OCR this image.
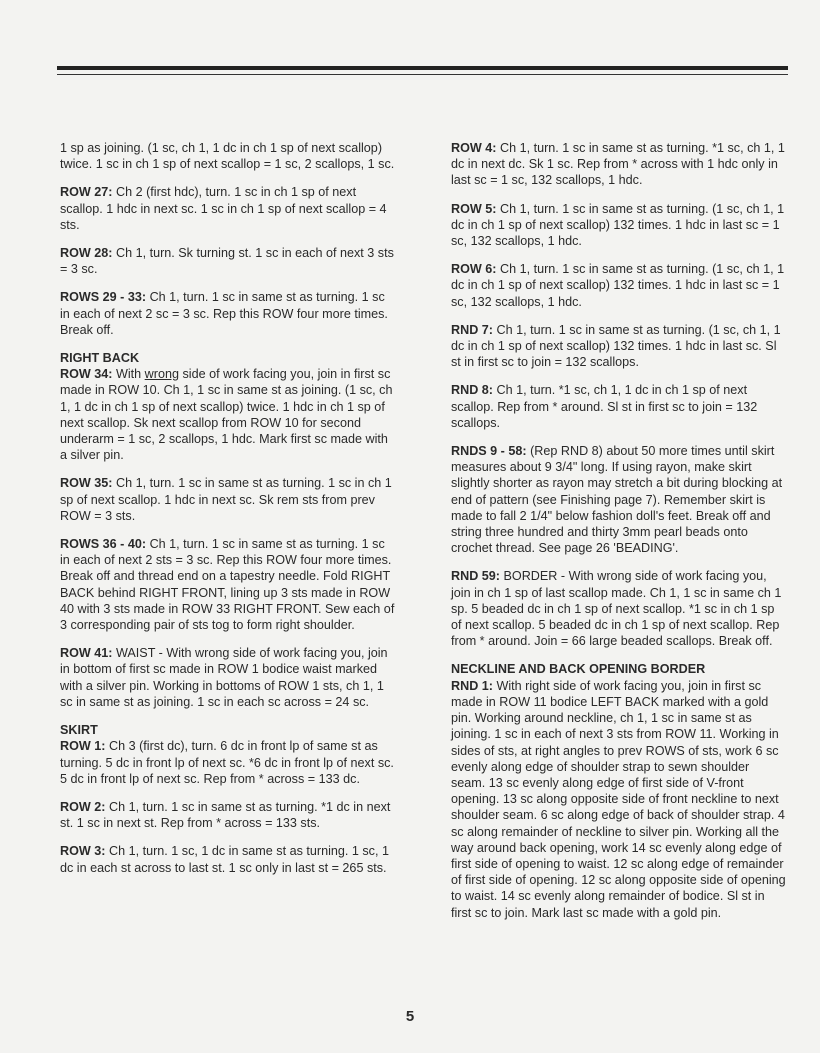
1 sp as joining. (1 sc, ch 1, 1 dc in ch 1 sp of next scallop) twice. 1 sc in ch 1 sp of next scallop = 1 sc, 2 scallops, 1 sc.

ROW 27: Ch 2 (first hdc), turn. 1 sc in ch 1 sp of next scallop. 1 hdc in next sc. 1 sc in ch 1 sp of next scallop = 4 sts.

ROW 28: Ch 1, turn. Sk turning st. 1 sc in each of next 3 sts = 3 sc.

ROWS 29 - 33: Ch 1, turn. 1 sc in same st as turning. 1 sc in each of next 2 sc = 3 sc. Rep this ROW four more times. Break off.

RIGHT BACK
ROW 34: With wrong side of work facing you, join in first sc made in ROW 10. Ch 1, 1 sc in same st as joining. (1 sc, ch 1, 1 dc in ch 1 sp of next scallop) twice. 1 hdc in ch 1 sp of next scallop. Sk next scallop from ROW 10 for second underarm = 1 sc, 2 scallops, 1 hdc. Mark first sc made with a silver pin.

ROW 35: Ch 1, turn. 1 sc in same st as turning. 1 sc in ch 1 sp of next scallop. 1 hdc in next sc. Sk rem sts from prev ROW = 3 sts.

ROWS 36 - 40: Ch 1, turn. 1 sc in same st as turning. 1 sc in each of next 2 sts = 3 sc. Rep this ROW four more times. Break off and thread end on a tapestry needle. Fold RIGHT BACK behind RIGHT FRONT, lining up 3 sts made in ROW 40 with 3 sts made in ROW 33 RIGHT FRONT. Sew each of 3 corresponding pair of sts tog to form right shoulder.

ROW 41: WAIST - With wrong side of work facing you, join in bottom of first sc made in ROW 1 bodice waist marked with a silver pin. Working in bottoms of ROW 1 sts, ch 1, 1 sc in same st as joining. 1 sc in each sc across = 24 sc.

SKIRT
ROW 1: Ch 3 (first dc), turn. 6 dc in front lp of same st as turning. 5 dc in front lp of next sc. *6 dc in front lp of next sc. 5 dc in front lp of next sc. Rep from * across = 133 dc.

ROW 2: Ch 1, turn. 1 sc in same st as turning. *1 dc in next st. 1 sc in next st. Rep from * across = 133 sts.

ROW 3: Ch 1, turn. 1 sc, 1 dc in same st as turning. 1 sc, 1 dc in each st across to last st. 1 sc only in last st = 265 sts.

ROW 4: Ch 1, turn. 1 sc in same st as turning. *1 sc, ch 1, 1 dc in next dc. Sk 1 sc. Rep from * across with 1 hdc only in last sc = 1 sc, 132 scallops, 1 hdc.

ROW 5: Ch 1, turn. 1 sc in same st as turning. (1 sc, ch 1, 1 dc in ch 1 sp of next scallop) 132 times. 1 hdc in last sc = 1 sc, 132 scallops, 1 hdc.

ROW 6: Ch 1, turn. 1 sc in same st as turning. (1 sc, ch 1, 1 dc in ch 1 sp of next scallop) 132 times. 1 hdc in last sc = 1 sc, 132 scallops, 1 hdc.

RND 7: Ch 1, turn. 1 sc in same st as turning. (1 sc, ch 1, 1 dc in ch 1 sp of next scallop) 132 times. 1 hdc in last sc. Sl st in first sc to join = 132 scallops.

RND 8: Ch 1, turn. *1 sc, ch 1, 1 dc in ch 1 sp of next scallop. Rep from * around. Sl st in first sc to join = 132 scallops.

RNDS 9 - 58: (Rep RND 8) about 50 more times until skirt measures about 9 3/4" long. If using rayon, make skirt slightly shorter as rayon may stretch a bit during blocking at end of pattern (see Finishing page 7). Remember skirt is made to fall 2 1/4" below fashion doll's feet. Break off and string three hundred and thirty 3mm pearl beads onto crochet thread. See page 26 'BEADING'.

RND 59: BORDER - With wrong side of work facing you, join in ch 1 sp of last scallop made. Ch 1, 1 sc in same ch 1 sp. 5 beaded dc in ch 1 sp of next scallop. *1 sc in ch 1 sp of next scallop. 5 beaded dc in ch 1 sp of next scallop. Rep from * around. Join = 66 large beaded scallops. Break off.

NECKLINE AND BACK OPENING BORDER
RND 1: With right side of work facing you, join in first sc made in ROW 11 bodice LEFT BACK marked with a gold pin. Working around neckline, ch 1, 1 sc in same st as joining. 1 sc in each of next 3 sts from ROW 11. Working in sides of sts, at right angles to prev ROWS of sts, work 6 sc evenly along edge of shoulder strap to sewn shoulder seam. 13 sc evenly along edge of first side of V-front opening. 13 sc along opposite side of front neckline to next shoulder seam. 6 sc along edge of back of shoulder strap. 4 sc along remainder of neckline to silver pin. Working all the way around back opening, work 14 sc evenly along edge of first side of opening to waist. 12 sc along edge of remainder of first side of opening. 12 sc along opposite side of opening to waist. 14 sc evenly along remainder of bodice. Sl st in first sc to join. Mark last sc made with a gold pin.

5
